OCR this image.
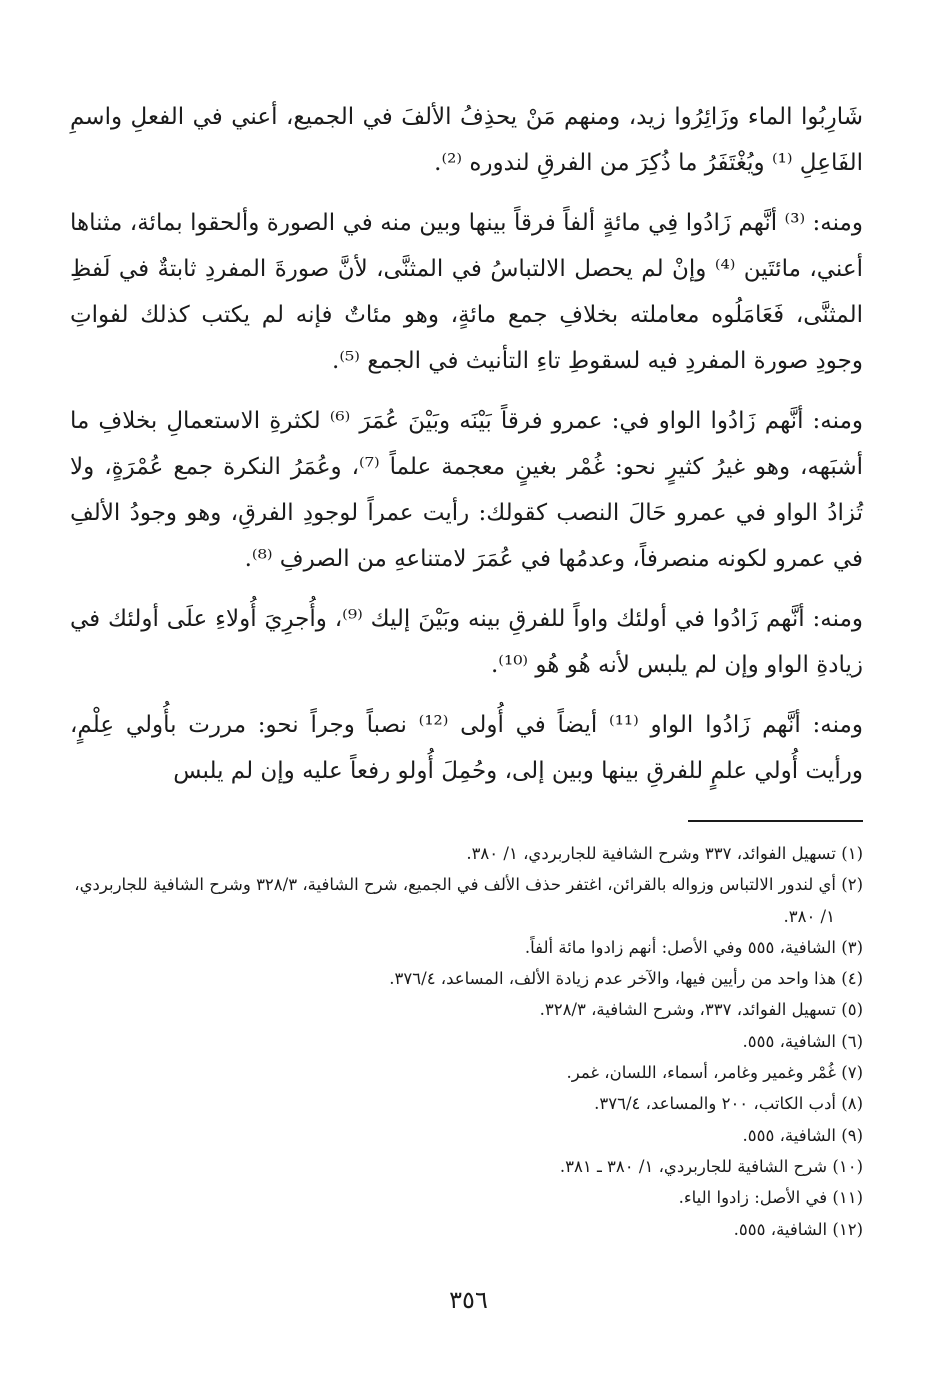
شَارِبُوا الماء وزَائِرُوا زيد، ومنهم مَنْ يحذِفُ الألفَ في الجميع، أعني في الفعلِ واسمِ الفَاعِلِ ⁽¹⁾ ويُغْتَفَرُ ما ذُكِرَ من الفرقِ لندوره ⁽²⁾.

ومنه: ⁽³⁾ أنَّهم زَادُوا فِي مائةٍ ألفاً فرقاً بينها وبين منه في الصورة وألحقوا بمائة، مثناها أعني، مائتَين ⁽⁴⁾ وإنْ لم يحصل الالتباسُ في المثنَّى، لأنَّ صورةَ المفردِ ثابتةٌ في لَفظِ المثنَّى، فَعَامَلُوه معاملته بخلافِ جمع مائةٍ، وهو مئاتٌ فإنه لم يكتب كذلك لفواتِ وجودِ صورة المفردِ فيه لسقوطِ تاءِ التأنيث في الجمع ⁽⁵⁾.

ومنه: أنَّهم زَادُوا الواو في: عمرو فرقاً بَيْنَه وبَيْنَ عُمَرَ ⁽⁶⁾ لكثرةِ الاستعمالِ بخلافِ ما أشبَهه، وهو غيرُ كثيرٍ نحو: غُمْر بغينٍ معجمة علماً ⁽⁷⁾، وعُمَرُ النكرة جمع عُمْرَةٍ، ولا تُزادُ الواو في عمرو حَالَ النصب كقولك: رأيت عمراً لوجودِ الفرقِ، وهو وجودُ الألفِ في عمرو لكونه منصرفاً، وعدمُها في عُمَرَ لامتناعهِ من الصرفِ ⁽⁸⁾.

ومنه: أنَّهم زَادُوا في أولئك واواً للفرقِ بينه وبَيْنَ إليك ⁽⁹⁾، وأُجرِيَ أُولاءِ علَى أولئك في زيادةِ الواو وإن لم يلبس لأنه هُو هُو ⁽¹⁰⁾.

ومنه: أنَّهم زَادُوا الواو ⁽¹¹⁾ أيضاً في أُولى ⁽¹²⁾ نصباً وجراً نحو: مررت بأُولي عِلْمٍ، ورأيت أُولي علمٍ للفرقِ بينها وبين إلى، وحُمِلَ أُولو رفعاً عليه وإن لم يلبس

(١) تسهيل الفوائد، ٣٣٧ وشرح الشافية للجاربردي، ١/ ٣٨٠.

(٢) أي لندور الالتباس وزواله بالقرائن، اغتفر حذف الألف في الجميع، شرح الشافية، ٣٢٨/٣ وشرح الشافية للجاربردي، ١/ ٣٨٠.

(٣) الشافية، ٥٥٥ وفي الأصل: أنهم زادوا مائة ألفاً.

(٤) هذا واحد من رأيين فيها، والآخر عدم زيادة الألف، المساعد، ٣٧٦/٤.

(٥) تسهيل الفوائد، ٣٣٧، وشرح الشافية، ٣٢٨/٣.

(٦) الشافية، ٥٥٥.

(٧) غُمْر وغمير وغامر، أسماء، اللسان، غمر.

(٨) أدب الكاتب، ٢٠٠ والمساعد، ٣٧٦/٤.

(٩) الشافية، ٥٥٥.

(١٠) شرح الشافية للجاربردي، ١/ ٣٨٠ ـ ٣٨١.

(١١) في الأصل: زادوا الياء.

(١٢) الشافية، ٥٥٥.

٣٥٦
